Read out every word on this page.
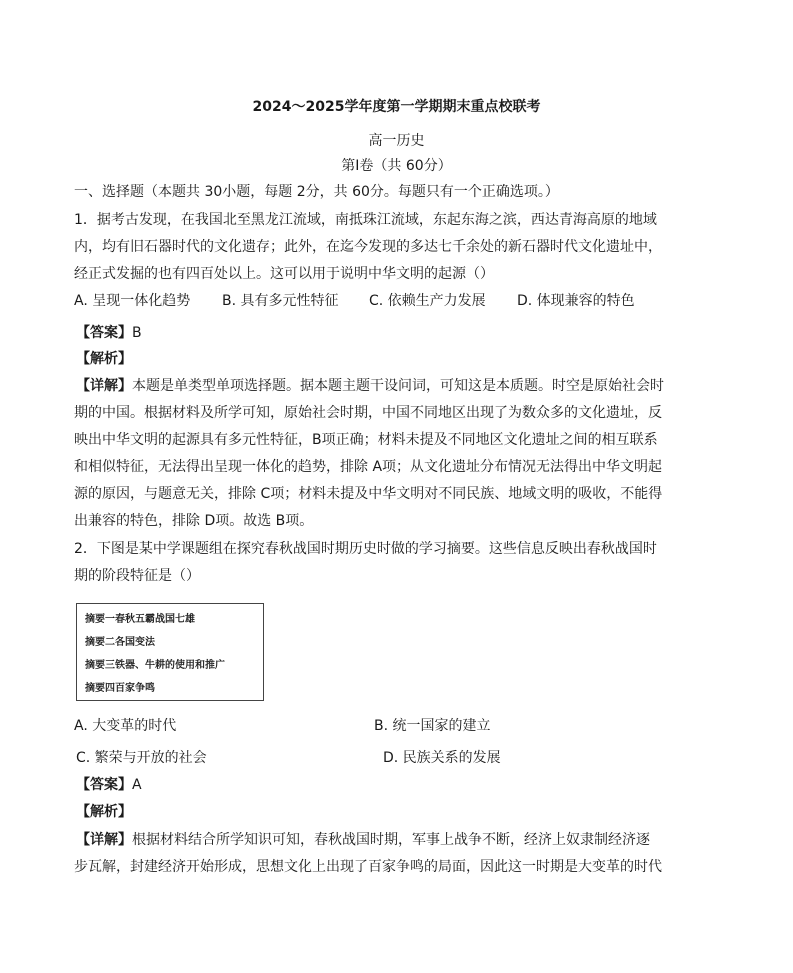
2024～2025学年度第一学期期末重点校联考
高一历史
第Ⅰ卷（共 60分）
一、选择题（本题共 30小题，每题 2分，共 60分。每题只有一个正确选项。）
1．据考古发现，在我国北至黑龙江流域，南抵珠江流域，东起东海之滨，西达青海高原的地域
内，均有旧石器时代的文化遗存；此外，在迄今发现的多达七千余处的新石器时代文化遗址中，
经正式发掘的也有四百处以上。这可以用于说明中华文明的起源（）
A. 呈现一体化趋势 B. 具有多元性特征 C. 依赖生产力发展 D. 体现兼容的特色
【答案】B
【解析】
【详解】本题是单类型单项选择题。据本题主题干设问词，可知这是本质题。时空是原始社会时
期的中国。根据材料及所学可知，原始社会时期，中国不同地区出现了为数众多的文化遗址，反
映出中华文明的起源具有多元性特征，B项正确；材料未提及不同地区文化遗址之间的相互联系
和相似特征，无法得出呈现一体化的趋势，排除 A项；从文化遗址分布情况无法得出中华文明起
源的原因，与题意无关，排除 C项；材料未提及中华文明对不同民族、地域文明的吸收，不能得
出兼容的特色，排除 D项。故选 B项。
2．下图是某中学课题组在探究春秋战国时期历史时做的学习摘要。这些信息反映出春秋战国时
期的阶段特征是（）
摘要一春秋五霸战国七雄
摘要二各国变法
摘要三铁器、牛耕的使用和推广
摘要四百家争鸣
A. 大变革的时代	B. 统一国家的建立
C. 繁荣与开放的社会	D. 民族关系的发展
【答案】A
【解析】
【详解】根据材料结合所学知识可知，春秋战国时期，军事上战争不断，经济上奴隶制经济逐
步瓦解，封建经济开始形成，思想文化上出现了百家争鸣的局面，因此这一时期是大变革的时代
